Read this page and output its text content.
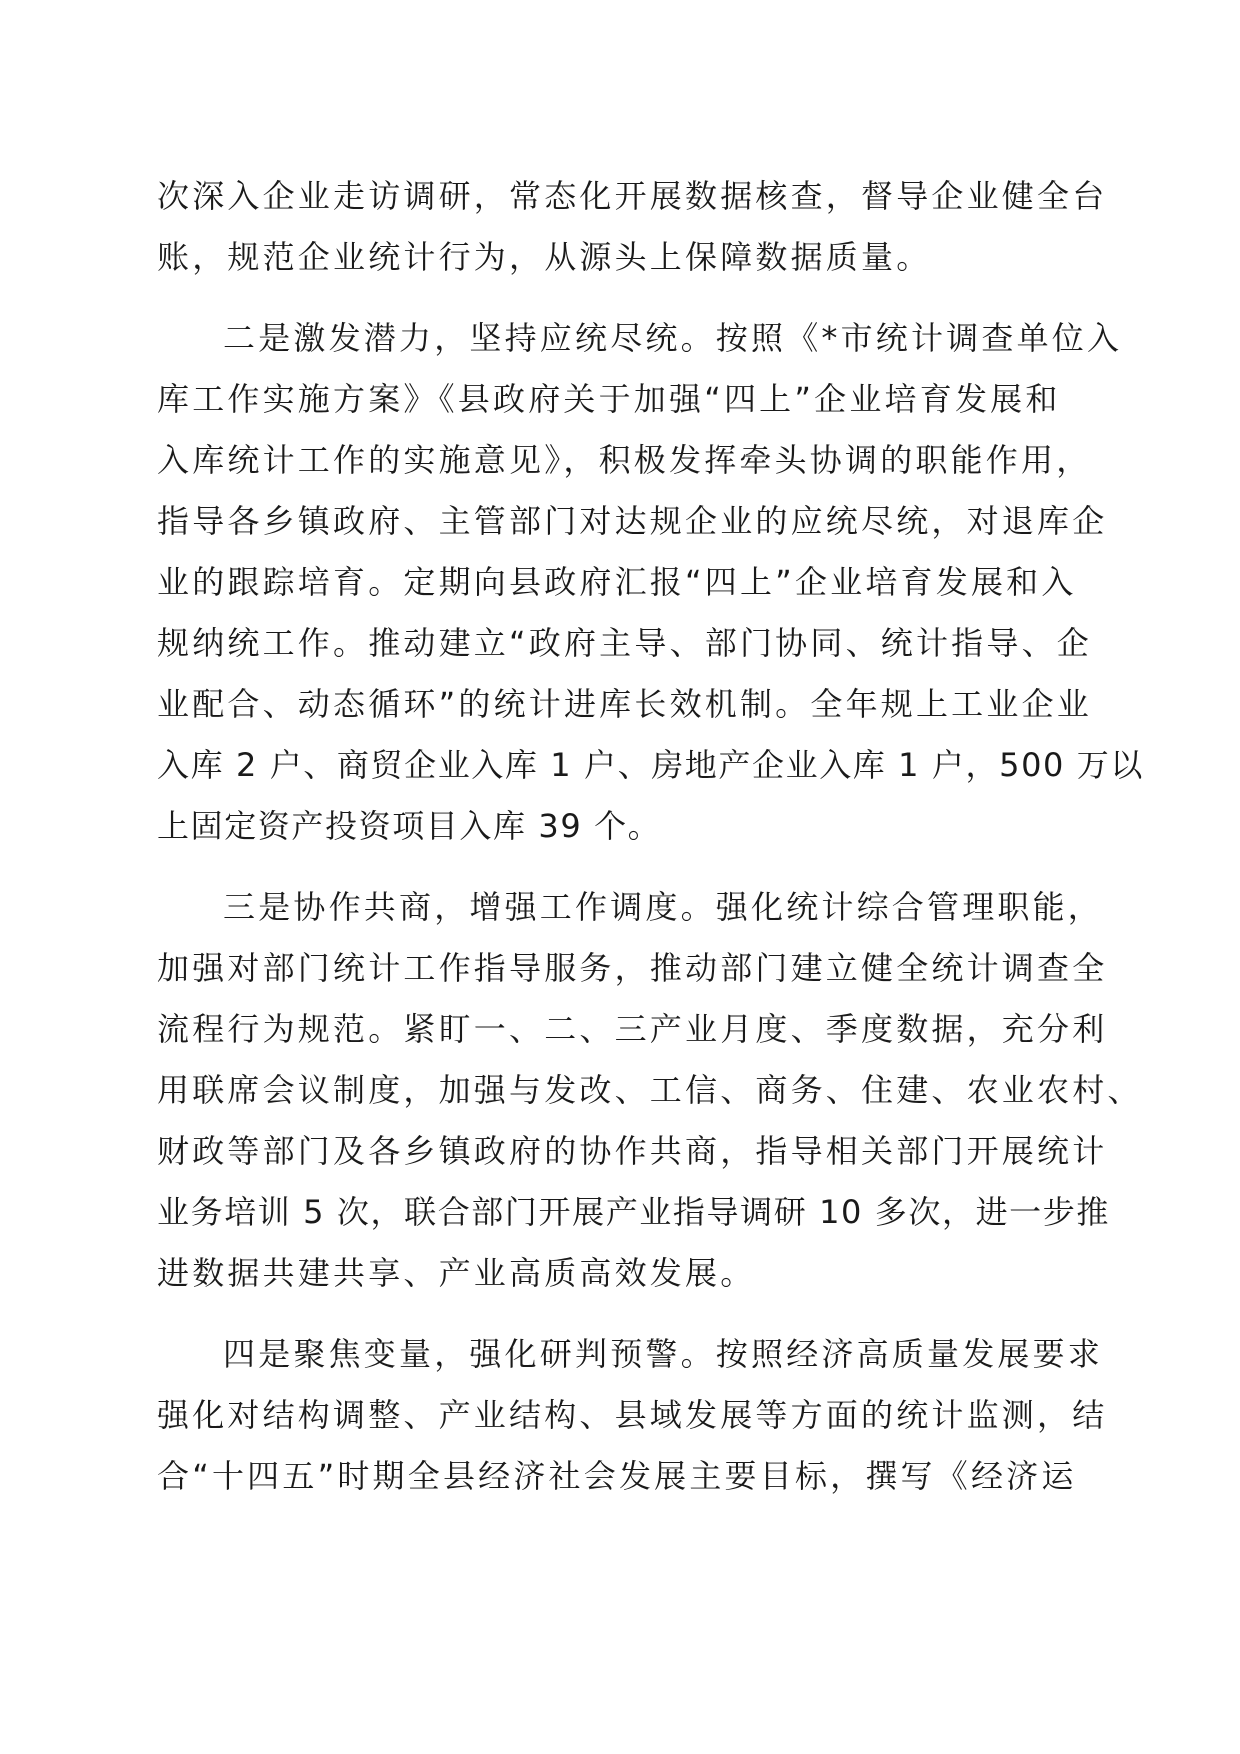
次深入企业走访调研，常态化开展数据核查，督导企业健全台
账，规范企业统计行为，从源头上保障数据质量。
二是激发潜力，坚持应统尽统。按照《*市统计调查单位入
库工作实施方案》《县政府关于加强“四上”企业培育发展和
入库统计工作的实施意见》，积极发挥牵头协调的职能作用，
指导各乡镇政府、主管部门对达规企业的应统尽统，对退库企
业的跟踪培育。定期向县政府汇报“四上”企业培育发展和入
规纳统工作。推动建立“政府主导、部门协同、统计指导、企
业配合、动态循环”的统计进库长效机制。全年规上工业企业
入库 2 户、商贸企业入库 1 户、房地产企业入库 1 户，500 万以
上固定资产投资项目入库 39 个。
三是协作共商，增强工作调度。强化统计综合管理职能，
加强对部门统计工作指导服务，推动部门建立健全统计调查全
流程行为规范。紧盯一、二、三产业月度、季度数据，充分利
用联席会议制度，加强与发改、工信、商务、住建、农业农村、
财政等部门及各乡镇政府的协作共商，指导相关部门开展统计
业务培训 5 次，联合部门开展产业指导调研 10 多次，进一步推
进数据共建共享、产业高质高效发展。
四是聚焦变量，强化研判预警。按照经济高质量发展要求
强化对结构调整、产业结构、县域发展等方面的统计监测，结
合“十四五”时期全县经济社会发展主要目标，撰写《经济运
